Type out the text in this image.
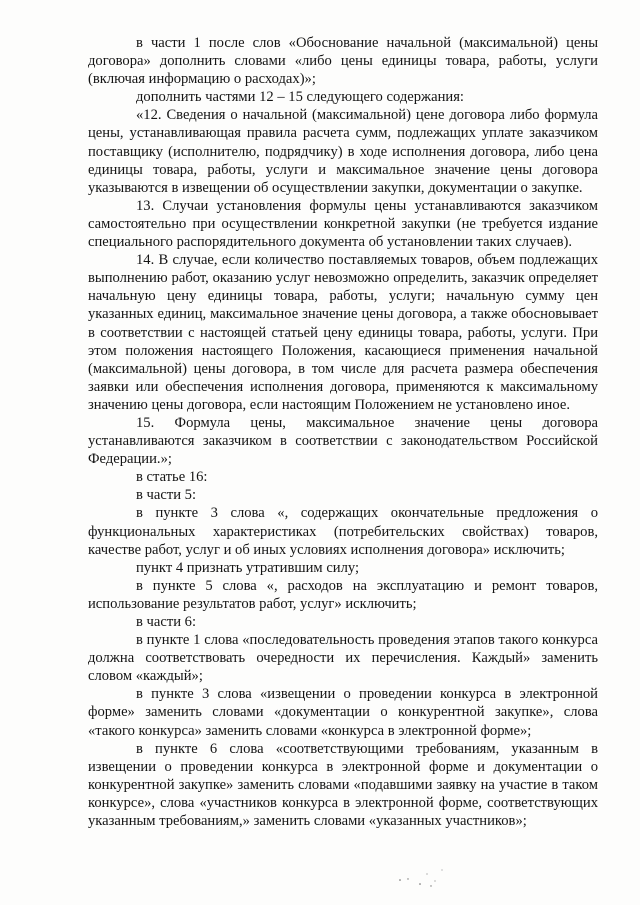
в части 1 после слов «Обоснование начальной (максимальной) цены договора» дополнить словами «либо цены единицы товара, работы, услуги (включая информацию о расходах)»;

дополнить частями 12 – 15 следующего содержания:

«12. Сведения о начальной (максимальной) цене договора либо формула цены, устанавливающая правила расчета сумм, подлежащих уплате заказчиком поставщику (исполнителю, подрядчику) в ходе исполнения договора, либо цена единицы товара, работы, услуги и максимальное значение цены договора указываются в извещении об осуществлении закупки, документации о закупке.

13. Случаи установления формулы цены устанавливаются заказчиком самостоятельно при осуществлении конкретной закупки (не требуется издание специального распорядительного документа об установлении таких случаев).

14. В случае, если количество поставляемых товаров, объем подлежащих выполнению работ, оказанию услуг невозможно определить, заказчик определяет начальную цену единицы товара, работы, услуги; начальную сумму цен указанных единиц, максимальное значение цены договора, а также обосновывает в соответствии с настоящей статьей цену единицы товара, работы, услуги. При этом положения настоящего Положения, касающиеся применения начальной (максимальной) цены договора, в том числе для расчета размера обеспечения заявки или обеспечения исполнения договора, применяются к максимальному значению цены договора, если настоящим Положением не установлено иное.

15. Формула цены, максимальное значение цены договора устанавливаются заказчиком в соответствии с законодательством Российской Федерации.»;

в статье 16:

в части 5:

в пункте 3 слова «, содержащих окончательные предложения о функциональных характеристиках (потребительских свойствах) товаров, качестве работ, услуг и об иных условиях исполнения договора» исключить;

пункт 4 признать утратившим силу;

в пункте 5 слова «, расходов на эксплуатацию и ремонт товаров, использование результатов работ, услуг» исключить;

в части 6:

в пункте 1 слова «последовательность проведения этапов такого конкурса должна соответствовать очередности их перечисления. Каждый» заменить словом «каждый»;

в пункте 3 слова «извещении о проведении конкурса в электронной форме» заменить словами «документации о конкурентной закупке», слова «такого конкурса» заменить словами «конкурса в электронной форме»;

в пункте 6 слова «соответствующими требованиям, указанным в извещении о проведении конкурса в электронной форме и документации о конкурентной закупке» заменить словами «подавшими заявку на участие в таком конкурсе», слова «участников конкурса в электронной форме, соответствующих указанным требованиям,» заменить словами «указанных участников»;
